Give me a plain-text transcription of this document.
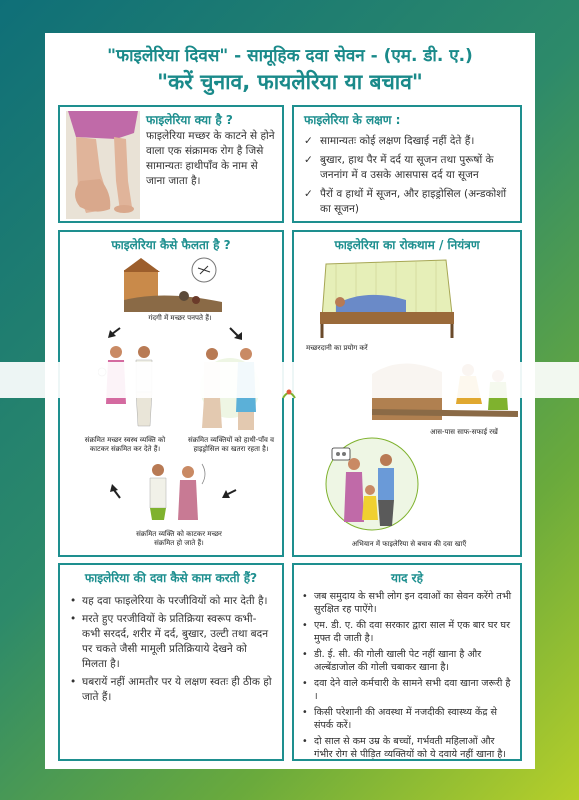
"फाइलेरिया दिवस" - सामूहिक दवा सेवन - (एम. डी. ए.)
"करें चुनाव, फायलेरिया या बचाव"
फाइलेरिया क्या है ?
फाइलेरिया मच्छर के काटने से होने वाला एक संक्रामक रोग है जिसे सामान्यतः हाथीपाँव के नाम से जाना जाता है।
फाइलेरिया के लक्षण :
✓ सामान्यतः कोई लक्षण दिखाई नहीं देते हैं।
✓ बुखार, हाथ पैर में दर्द या सूजन तथा पुरूषों के जननांग में व उसके आसपास दर्द या सूजन
✓ पैरों व हाथों में सूजन, और हाइड्रोसिल (अन्डकोशों का सूजन)
फाइलेरिया कैसे फैलता है ?
गंदगी में मच्छर पनपते हैं।
संक्रमित मच्छर स्वस्थ व्यक्ति को काटकर संक्रमित कर देते हैं।
संक्रमित व्यक्तियों को हाथी-पाँव व हाइड्रोसिल का खतरा रहता है।
संक्रमित व्यक्ति को काटकर मच्छर संक्रमित हो जाते हैं।
फाइलेरिया का रोकथाम / नियंत्रण
मच्छरदानी का प्रयोग करें
आस-पास साफ-सफाई रखें
अभियान में फाइलेरिया से बचाव की दवा खाएँ
फाइलेरिया की दवा कैसे काम करती हैं?
• यह दवा फाइलेरिया के परजीवियों को मार देती है।
• मरते हुए परजीवियों के प्रतिक्रिया स्वरूप कभी-कभी सरदर्द, शरीर में दर्द, बुखार, उल्टी तथा बदन पर चकते जैसी मामूली प्रतिक्रियाये देखने को मिलता है।
• घबरायें नहीं आमतौर पर ये लक्षण स्वतः ही ठीक हो जाते हैं।
याद रहे
• जब समुदाय के सभी लोग इन दवाओं का सेवन करेंगे तभी सुरक्षित रह पाऐंगे।
• एम. डी. ए. की दवा सरकार द्वारा साल में एक बार घर घर मुफ्त दी जाती है।
• डी. ई. सी. की गोली खाली पेट नहीं खाना है और अल्बेंडाजोल की गोली चबाकर खाना है।
• दवा देने वाले कर्मचारी के सामने सभी दवा खाना जरूरी है ।
• किसी परेशानी की अवस्था में नजदीकी स्वास्थ्य केंद्र से संपर्क करें।
• दो साल से कम उम्र के बच्चों, गर्भवती महिलाओं और गंभीर रोग से पीड़ित व्यक्तियों को ये दवाये नहीं खाना है।
